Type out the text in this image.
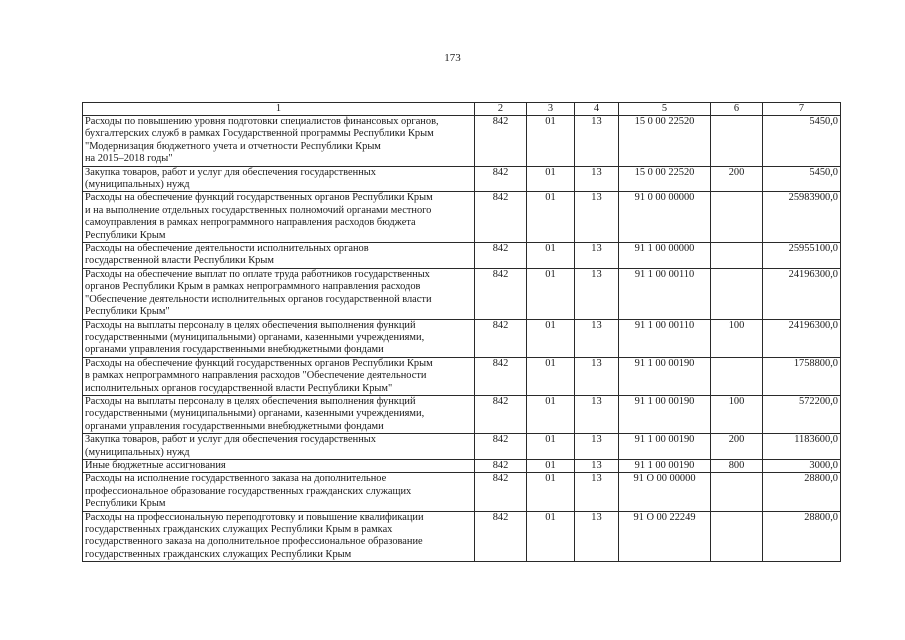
173
1	2	3	4	5	6	7
Расходы по повышению уровня подготовки специалистов финансовых органов,
бухгалтерских служб в рамках Государственной программы Республики Крым
"Модернизация бюджетного учета и отчетности Республики Крым
на 2015–2018 годы"	842	01	13	15 0 00 22520		5450,0
Закупка товаров, работ и услуг для обеспечения государственных
(муниципальных) нужд	842	01	13	15 0 00 22520	200	5450,0
Расходы на обеспечение функций государственных органов Республики Крым
и на выполнение отдельных государственных полномочий органами местного
самоуправления в рамках непрограммного направления расходов бюджета
Республики Крым	842	01	13	91 0 00 00000		25983900,0
Расходы на обеспечение деятельности исполнительных органов
государственной власти Республики Крым	842	01	13	91 1 00 00000		25955100,0
Расходы на обеспечение выплат по оплате труда работников государственных
органов Республики Крым в рамках непрограммного направления расходов
"Обеспечение деятельности исполнительных органов государственной власти
Республики Крым"	842	01	13	91 1 00 00110		24196300,0
Расходы на выплаты персоналу в целях обеспечения выполнения функций
государственными (муниципальными) органами, казенными учреждениями,
органами управления государственными внебюджетными фондами	842	01	13	91 1 00 00110	100	24196300,0
Расходы на обеспечение функций государственных органов Республики Крым
в рамках непрограммного направления расходов "Обеспечение деятельности
исполнительных органов государственной власти Республики Крым"	842	01	13	91 1 00 00190		1758800,0
Расходы на выплаты персоналу в целях обеспечения выполнения функций
государственными (муниципальными) органами, казенными учреждениями,
органами управления государственными внебюджетными фондами	842	01	13	91 1 00 00190	100	572200,0
Закупка товаров, работ и услуг для обеспечения государственных
(муниципальных) нужд	842	01	13	91 1 00 00190	200	1183600,0
Иные бюджетные ассигнования	842	01	13	91 1 00 00190	800	3000,0
Расходы на исполнение государственного заказа на дополнительное
профессиональное образование государственных гражданских служащих
Республики Крым	842	01	13	91 О 00 00000		28800,0
Расходы на профессиональную переподготовку и повышение квалификации
государственных гражданских служащих Республики Крым в рамках
государственного заказа на дополнительное профессиональное образование
государственных гражданских служащих Республики Крым	842	01	13	91 О 00 22249		28800,0
